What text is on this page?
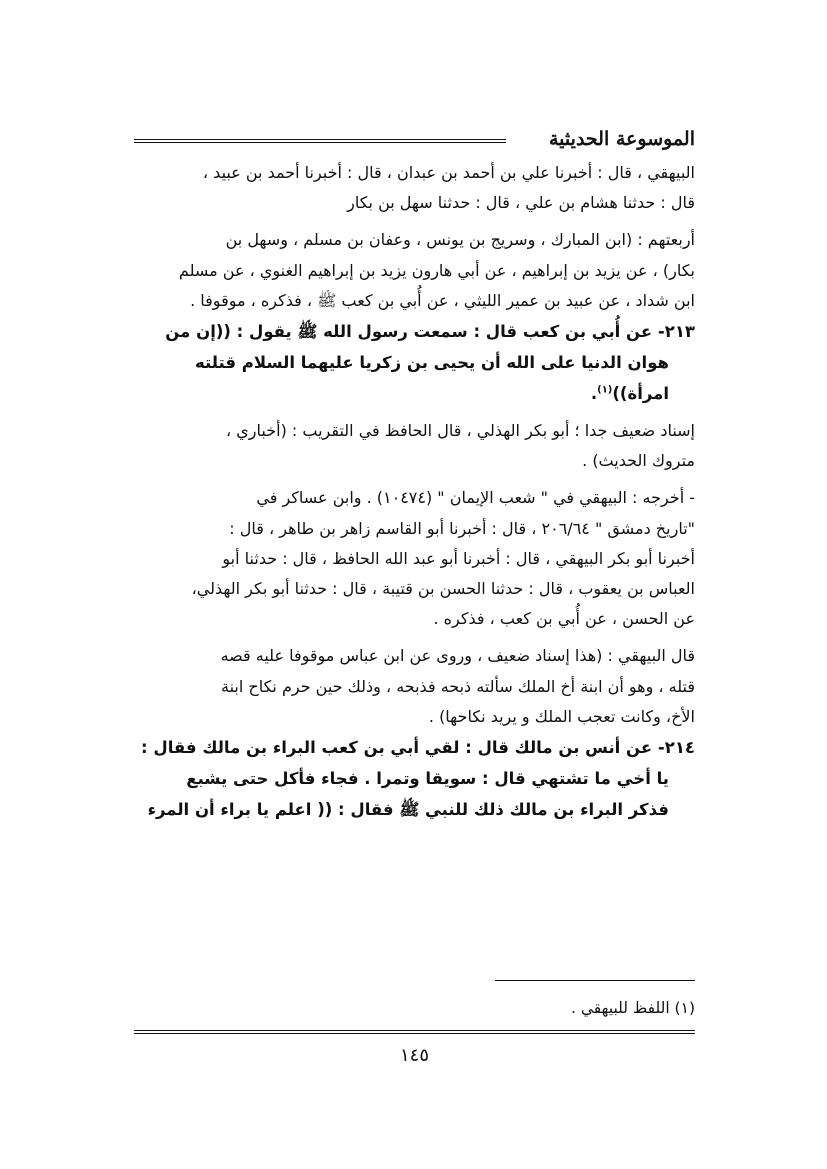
الموسوعة الحديثية

البيهقي ، قال : أخبرنا علي بن أحمد بن عبدان ، قال : أخبرنا أحمد بن عبيد ،

قال : حدثنا هشام بن علي ، قال : حدثنا سهل بن بكار

أربعتهم : (ابن المبارك ، وسريج بن يونس ، وعفان بن مسلم ، وسهل بن

بكار) ، عن يزيد بن إبراهيم ، عن أبي هارون يزيد بن إبراهيم الغنوي ، عن مسلم

ابن شداد ، عن عبيد بن عمير الليثي ، عن أُبي بن كعب ﷺ ، فذكره ، موقوفا .

٢١٣- عن أُبي بن كعب قال : سمعت رسول الله ﷺ يقول : ((إن من

هوان الدنيا على الله أن يحيى بن زكريا عليهما السلام قتلته

امرأة))$^{(١)}$.

إسناد ضعيف جدا ؛ أبو بكر الهذلي ، قال الحافظ في التقريب : (أخباري ،

متروك الحديث) .

- أخرجه : البيهقي في " شعب الإيمان " (١٠٤٧٤) . وابن عساكر في

"تاريخ دمشق " ٢٠٦/٦٤ ، قال : أخبرنا أبو القاسم زاهر بن طاهر ، قال :

أخبرنا أبو بكر البيهقي ، قال : أخبرنا أبو عبد الله الحافظ ، قال : حدثنا أبو

العباس بن يعقوب ، قال : حدثنا الحسن بن قتيبة ، قال : حدثنا أبو بكر الهذلي،

عن الحسن ، عن أُبي بن كعب ، فذكره .

قال البيهقي : (هذا إسناد ضعيف ، وروى عن ابن عباس موقوفا عليه قصه

قتله ، وهو أن ابنة أخ الملك سألته ذبحه فذبحه ، وذلك حين حرم نكاح ابنة

الأخ، وكانت تعجب الملك و يريد نكاحها) .

٢١٤- عن أنس بن مالك قال : لقي أبي بن كعب البراء بن مالك فقال :

يا أخي ما تشتهي قال : سويقا وتمرا . فجاء فأكل حتى يشبع

فذكر البراء بن مالك ذلك للنبي ﷺ فقال : (( اعلم يا براء أن المرء

(١) اللفظ للبيهقي .
١٤٥
